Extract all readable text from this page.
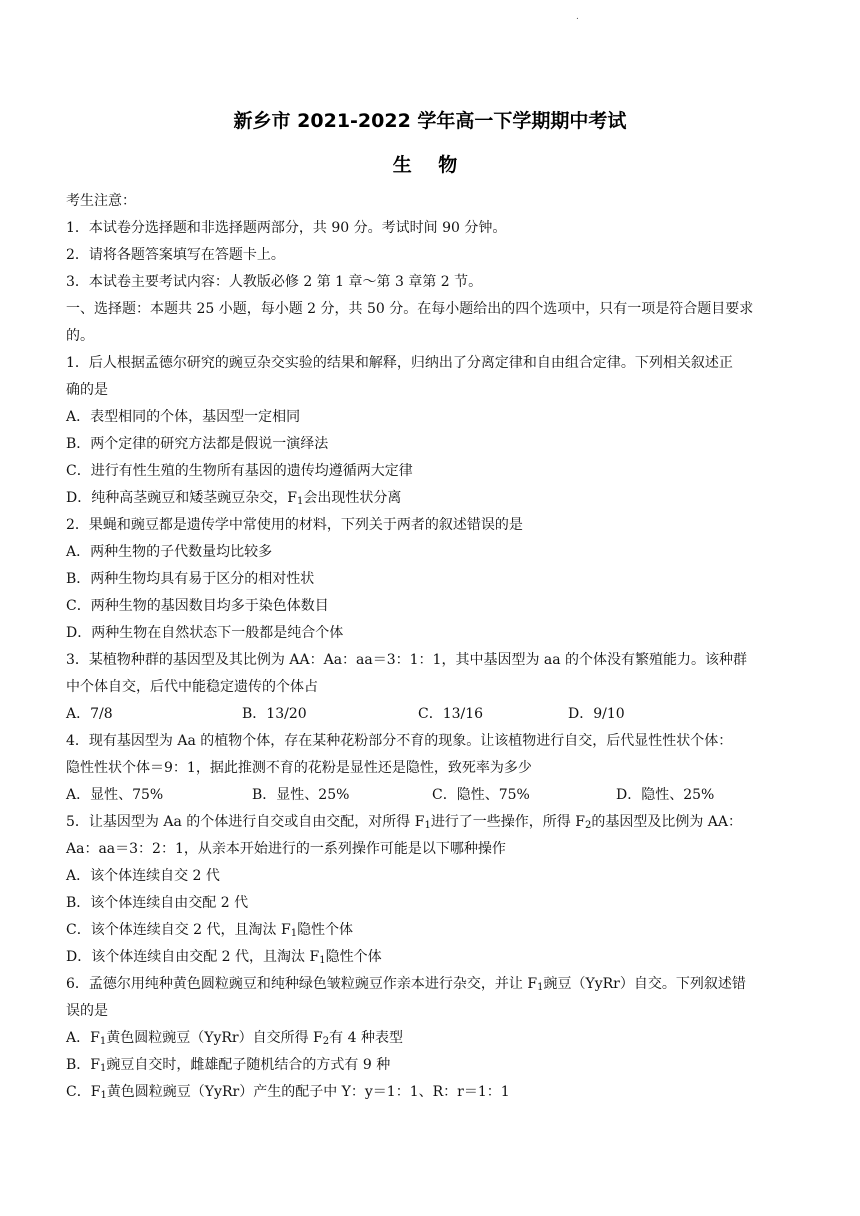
.
新乡市 2021-2022 学年高一下学期期中考试
生 物
考生注意：
1．本试卷分选择题和非选择题两部分，共 90 分。考试时间 90 分钟。
2．请将各题答案填写在答题卡上。
3．本试卷主要考试内容：人教版必修 2 第 1 章～第 3 章第 2 节。
一、选择题：本题共 25 小题，每小题 2 分，共 50 分。在每小题给出的四个选项中，只有一项是符合题目要求
的。
1．后人根据孟德尔研究的豌豆杂交实验的结果和解释，归纳出了分离定律和自由组合定律。下列相关叙述正
确的是
A．表型相同的个体，基因型一定相同
B．两个定律的研究方法都是假说一演绎法
C．进行有性生殖的生物所有基因的遗传均遵循两大定律
D．纯种高茎豌豆和矮茎豌豆杂交，$F_1$会出现性状分离
2．果蝇和豌豆都是遗传学中常使用的材料，下列关于两者的叙述错误的是
A．两种生物的子代数量均比较多
B．两种生物均具有易于区分的相对性状
C．两种生物的基因数目均多于染色体数目
D．两种生物在自然状态下一般都是纯合个体
3．某植物种群的基因型及其比例为 AA：Aa：aa＝3：1：1，其中基因型为 aa 的个体没有繁殖能力。该种群
中个体自交，后代中能稳定遗传的个体占
A．7/8	B．13/20	C．13/16	D．9/10
4．现有基因型为 Aa 的植物个体，存在某种花粉部分不育的现象。让该植物进行自交，后代显性性状个体：
隐性性状个体＝9：1，据此推测不育的花粉是显性还是隐性，致死率为多少
A．显性、75%	B．显性、25%	C．隐性、75%	D．隐性、25%
5．让基因型为 Aa 的个体进行自交或自由交配，对所得 $F_1$进行了一些操作，所得 $F_2$的基因型及比例为 AA：
Aa：aa＝3：2：1，从亲本开始进行的一系列操作可能是以下哪种操作
A．该个体连续自交 2 代
B．该个体连续自由交配 2 代
C．该个体连续自交 2 代，且淘汰 $F_1$隐性个体
D．该个体连续自由交配 2 代，且淘汰 $F_1$隐性个体
6．孟德尔用纯种黄色圆粒豌豆和纯种绿色皱粒豌豆作亲本进行杂交，并让 $F_1$豌豆（YyRr）自交。下列叙述错
误的是
A．$F_1$黄色圆粒豌豆（YyRr）自交所得 $F_2$有 4 种表型
B．$F_1$豌豆自交时，雌雄配子随机结合的方式有 9 种
C．$F_1$黄色圆粒豌豆（YyRr）产生的配子中 Y：y＝1：1、R：r＝1：1
